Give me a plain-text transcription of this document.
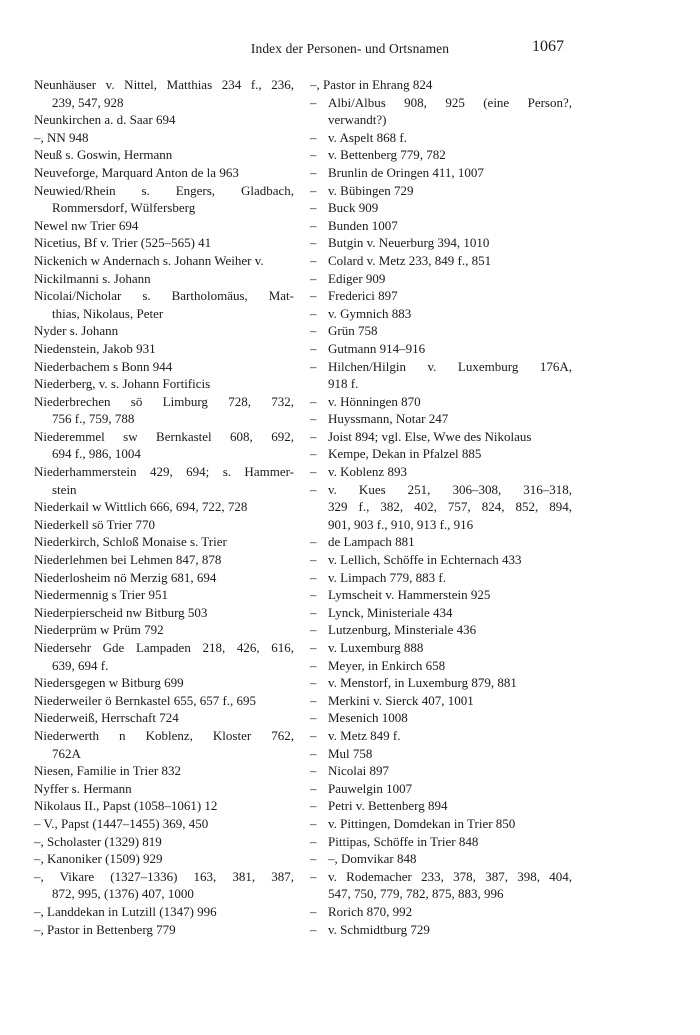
Index der Personen- und Ortsnamen	1067
Neunhäuser v. Nittel, Matthias 234 f., 236,
239, 547, 928
Neunkirchen a. d. Saar 694
–, NN 948
Neuß s. Goswin, Hermann
Neuveforge, Marquard Anton de la 963
Neuwied/Rhein s. Engers, Gladbach,
Rommersdorf, Wülfersberg
Newel nw Trier 694
Nicetius, Bf v. Trier (525–565) 41
Nickenich w Andernach s. Johann Weiher v.
Nickilmanni s. Johann
Nicolai/Nicholar s. Bartholomäus, Mat-
thias, Nikolaus, Peter
Nyder s. Johann
Niedenstein, Jakob 931
Niederbachem s Bonn 944
Niederberg, v. s. Johann Fortificis
Niederbrechen sö Limburg 728, 732,
756 f., 759, 788
Niederemmel sw Bernkastel 608, 692,
694 f., 986, 1004
Niederhammerstein 429, 694; s. Hammer-
stein
Niederkail w Wittlich 666, 694, 722, 728
Niederkell sö Trier 770
Niederkirch, Schloß Monaise s. Trier
Niederlehmen bei Lehmen 847, 878
Niederlosheim nö Merzig 681, 694
Niedermennig s Trier 951
Niederpierscheid nw Bitburg 503
Niederprüm w Prüm 792
Niedersehr Gde Lampaden 218, 426, 616,
639, 694 f.
Niedersgegen w Bitburg 699
Niederweiler ö Bernkastel 655, 657 f., 695
Niederweiß, Herrschaft 724
Niederwerth n Koblenz, Kloster 762,
762A
Niesen, Familie in Trier 832
Nyffer s. Hermann
Nikolaus II., Papst (1058–1061) 12
– V., Papst (1447–1455) 369, 450
–, Scholaster (1329) 819
–, Kanoniker (1509) 929
–, Vikare (1327–1336) 163, 381, 387,
872, 995, (1376) 407, 1000
–, Landdekan in Lutzill (1347) 996
–, Pastor in Bettenberg 779
–, Pastor in Ehrang 824
– Albi/Albus 908, 925 (eine Person?,
verwandt?)
– v. Aspelt 868 f.
– v. Bettenberg 779, 782
– Brunlin de Oringen 411, 1007
– v. Bübingen 729
– Buck 909
– Bunden 1007
– Butgin v. Neuerburg 394, 1010
– Colard v. Metz 233, 849 f., 851
– Ediger 909
– Frederici 897
– v. Gymnich 883
– Grün 758
– Gutmann 914–916
– Hilchen/Hilgin v. Luxemburg 176A,
918 f.
– v. Hönningen 870
– Huyssmann, Notar 247
– Joist 894; vgl. Else, Wwe des Nikolaus
– Kempe, Dekan in Pfalzel 885
– v. Koblenz 893
– v. Kues 251, 306–308, 316–318,
329 f., 382, 402, 757, 824, 852, 894,
901, 903 f., 910, 913 f., 916
– de Lampach 881
– v. Lellich, Schöffe in Echternach 433
– v. Limpach 779, 883 f.
– Lymscheit v. Hammerstein 925
– Lynck, Ministeriale 434
– Lutzenburg, Minsteriale 436
– v. Luxemburg 888
– Meyer, in Enkirch 658
– v. Menstorf, in Luxemburg 879, 881
– Merkini v. Sierck 407, 1001
– Mesenich 1008
– v. Metz 849 f.
– Mul 758
– Nicolai 897
– Pauwelgin 1007
– Petri v. Bettenberg 894
– v. Pittingen, Domdekan in Trier 850
– Pittipas, Schöffe in Trier 848
– –, Domvikar 848
– v. Rodemacher 233, 378, 387, 398, 404,
547, 750, 779, 782, 875, 883, 996
– Rorich 870, 992
– v. Schmidtburg 729
